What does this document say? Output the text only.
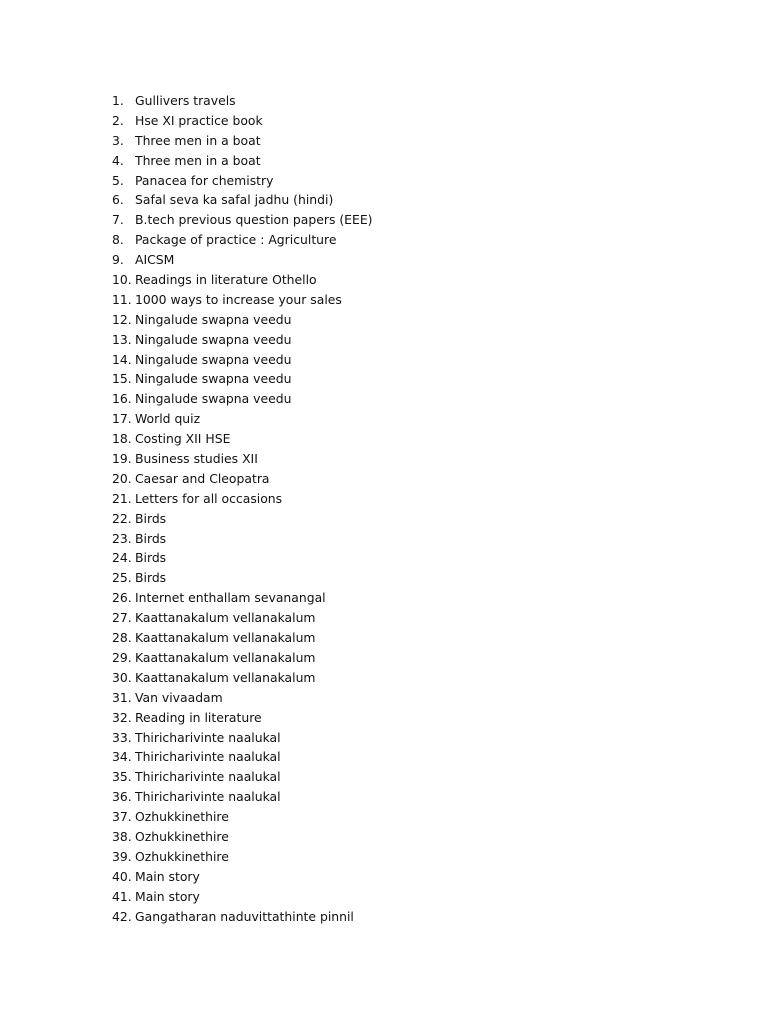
1. Gullivers travels
2. Hse XI practice book
3. Three men in a boat
4. Three men in a boat
5. Panacea for chemistry
6. Safal seva ka safal jadhu (hindi)
7. B.tech previous question papers (EEE)
8. Package of practice : Agriculture
9. AICSM
10. Readings in literature Othello
11. 1000 ways to increase your sales
12. Ningalude swapna veedu
13. Ningalude swapna veedu
14. Ningalude swapna veedu
15. Ningalude swapna veedu
16. Ningalude swapna veedu
17. World quiz
18. Costing XII HSE
19. Business studies XII
20. Caesar and Cleopatra
21. Letters for all occasions
22. Birds
23. Birds
24. Birds
25. Birds
26. Internet enthallam sevanangal
27. Kaattanakalum vellanakalum
28. Kaattanakalum vellanakalum
29. Kaattanakalum vellanakalum
30. Kaattanakalum vellanakalum
31. Van vivaadam
32. Reading in literature
33. Thiricharivinte naalukal
34. Thiricharivinte naalukal
35. Thiricharivinte naalukal
36. Thiricharivinte naalukal
37. Ozhukkinethire
38. Ozhukkinethire
39. Ozhukkinethire
40. Main story
41. Main story
42. Gangatharan naduvittathinte pinnil
